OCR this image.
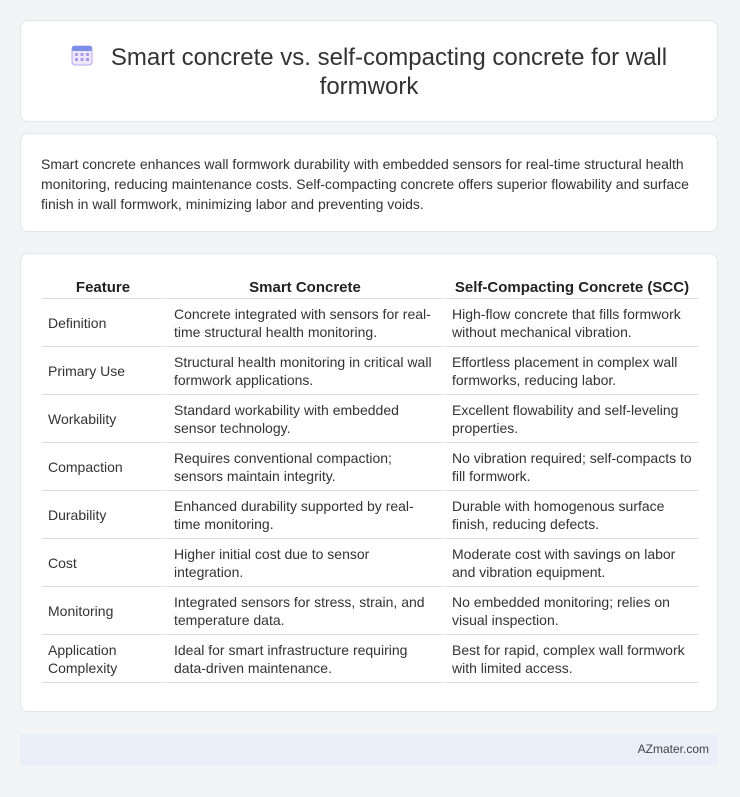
Smart concrete vs. self-compacting concrete for wall formwork
Smart concrete enhances wall formwork durability with embedded sensors for real-time structural health monitoring, reducing maintenance costs. Self-compacting concrete offers superior flowability and surface finish in wall formwork, minimizing labor and preventing voids.
Feature	Smart Concrete	Self-Compacting Concrete (SCC)
Definition	Concrete integrated with sensors for real-time structural health monitoring.	High-flow concrete that fills formwork without mechanical vibration.
Primary Use	Structural health monitoring in critical wall formwork applications.	Effortless placement in complex wall formworks, reducing labor.
Workability	Standard workability with embedded sensor technology.	Excellent flowability and self-leveling properties.
Compaction	Requires conventional compaction; sensors maintain integrity.	No vibration required; self-compacts to fill formwork.
Durability	Enhanced durability supported by real-time monitoring.	Durable with homogenous surface finish, reducing defects.
Cost	Higher initial cost due to sensor integration.	Moderate cost with savings on labor and vibration equipment.
Monitoring	Integrated sensors for stress, strain, and temperature data.	No embedded monitoring; relies on visual inspection.
Application Complexity	Ideal for smart infrastructure requiring data-driven maintenance.	Best for rapid, complex wall formwork with limited access.
AZmater.com
